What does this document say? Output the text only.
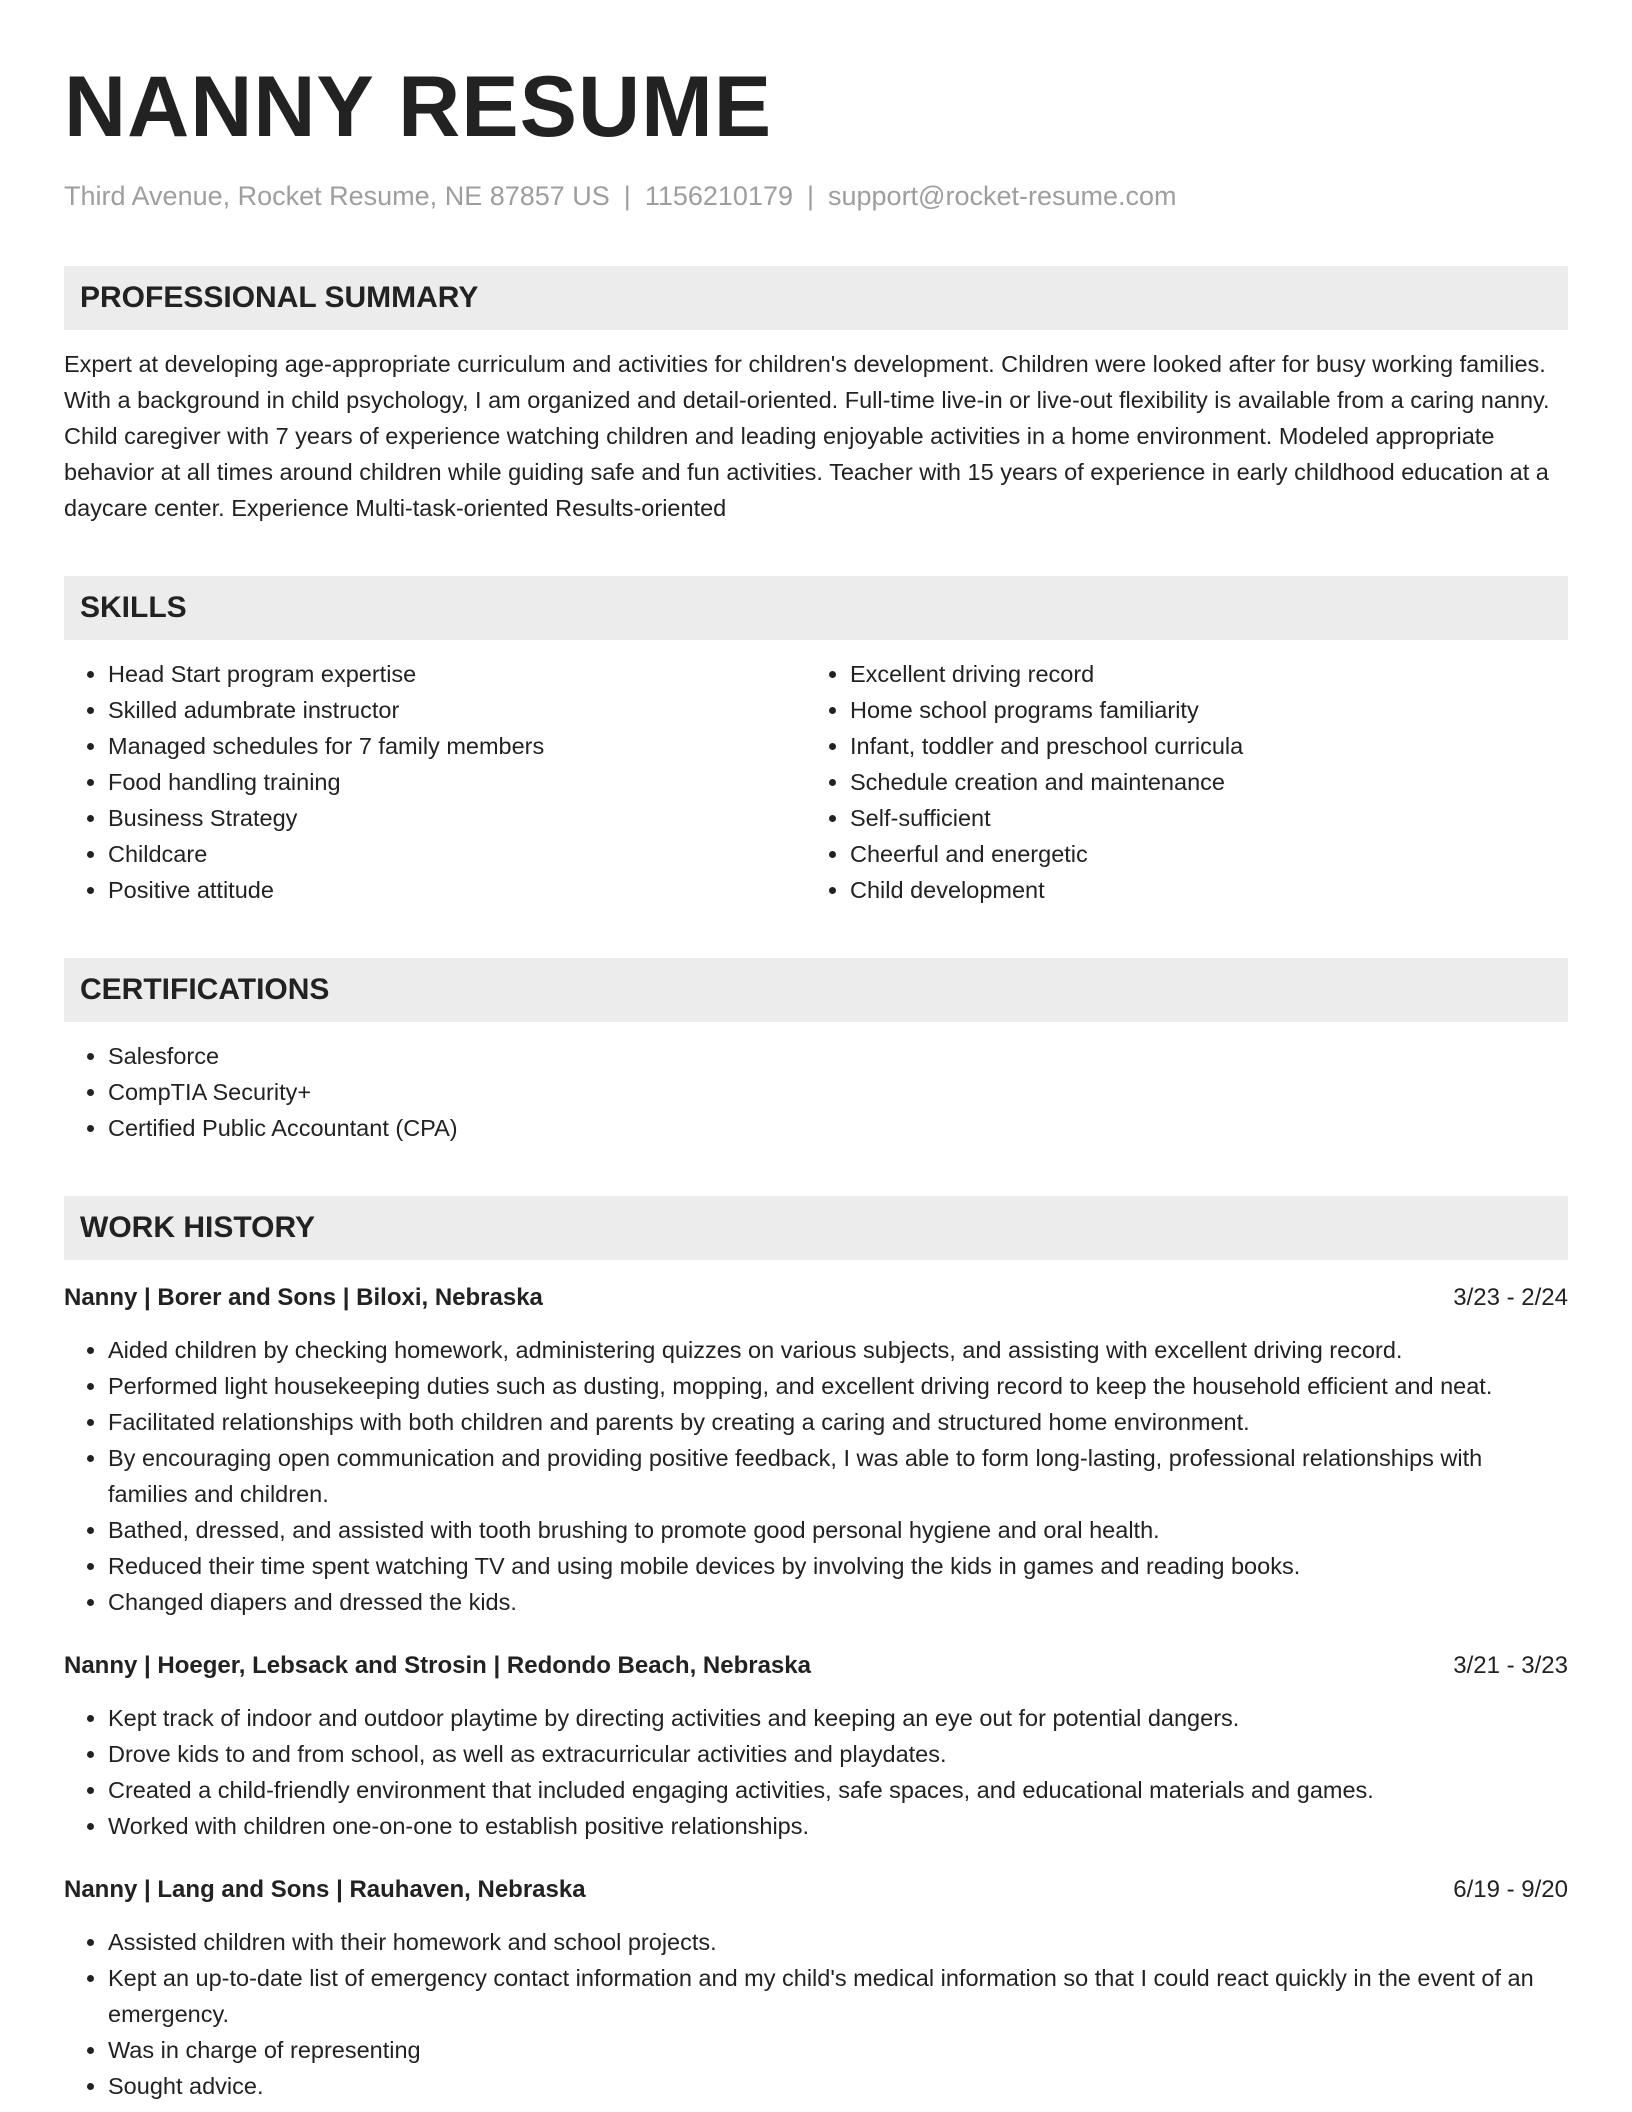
NANNY RESUME
Third Avenue, Rocket Resume, NE 87857 US | 1156210179 | support@rocket-resume.com
PROFESSIONAL SUMMARY
Expert at developing age-appropriate curriculum and activities for children's development. Children were looked after for busy working families. With a background in child psychology, I am organized and detail-oriented. Full-time live-in or live-out flexibility is available from a caring nanny. Child caregiver with 7 years of experience watching children and leading enjoyable activities in a home environment. Modeled appropriate behavior at all times around children while guiding safe and fun activities. Teacher with 15 years of experience in early childhood education at a daycare center. Experience Multi-task-oriented Results-oriented
SKILLS
• Head Start program expertise
• Skilled adumbrate instructor
• Managed schedules for 7 family members
• Food handling training
• Business Strategy
• Childcare
• Positive attitude
• Excellent driving record
• Home school programs familiarity
• Infant, toddler and preschool curricula
• Schedule creation and maintenance
• Self-sufficient
• Cheerful and energetic
• Child development
CERTIFICATIONS
• Salesforce
• CompTIA Security+
• Certified Public Accountant (CPA)
WORK HISTORY
Nanny | Borer and Sons | Biloxi, Nebraska	3/23 - 2/24
• Aided children by checking homework, administering quizzes on various subjects, and assisting with excellent driving record.
• Performed light housekeeping duties such as dusting, mopping, and excellent driving record to keep the household efficient and neat.
• Facilitated relationships with both children and parents by creating a caring and structured home environment.
• By encouraging open communication and providing positive feedback, I was able to form long-lasting, professional relationships with families and children.
• Bathed, dressed, and assisted with tooth brushing to promote good personal hygiene and oral health.
• Reduced their time spent watching TV and using mobile devices by involving the kids in games and reading books.
• Changed diapers and dressed the kids.
Nanny | Hoeger, Lebsack and Strosin | Redondo Beach, Nebraska	3/21 - 3/23
• Kept track of indoor and outdoor playtime by directing activities and keeping an eye out for potential dangers.
• Drove kids to and from school, as well as extracurricular activities and playdates.
• Created a child-friendly environment that included engaging activities, safe spaces, and educational materials and games.
• Worked with children one-on-one to establish positive relationships.
Nanny | Lang and Sons | Rauhaven, Nebraska	6/19 - 9/20
• Assisted children with their homework and school projects.
• Kept an up-to-date list of emergency contact information and my child's medical information so that I could react quickly in the event of an emergency.
• Was in charge of representing
• Sought advice.
